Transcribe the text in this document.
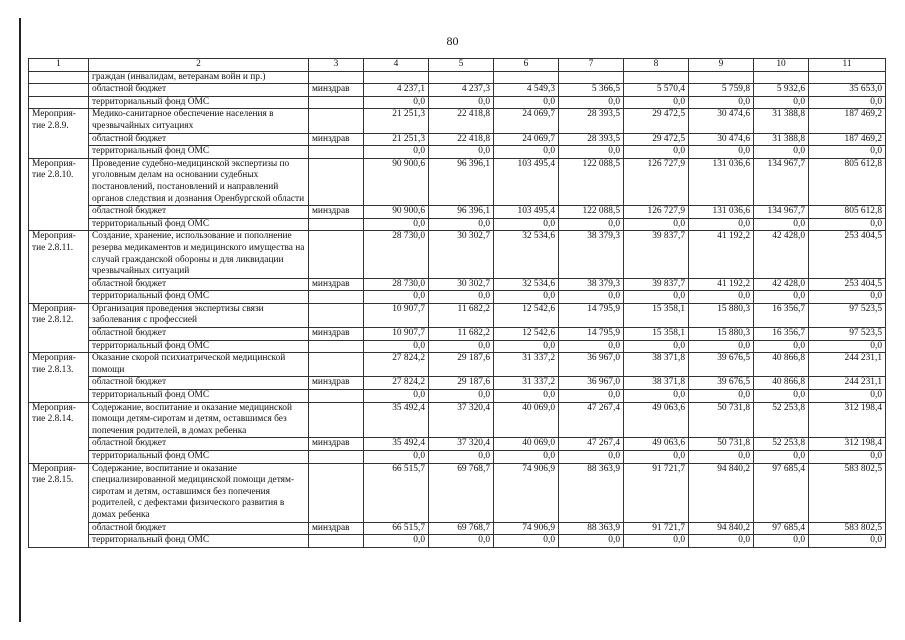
80
1	2	3	4	5	6	7	8	9	10	11
	граждан (инвалидам, ветеранам войн и пр.)									
	областной бюджет	минздрав	4 237,1	4 237,3	4 549,3	5 366,5	5 570,4	5 759,8	5 932,6	35 653,0
	территориальный фонд ОМС		0,0	0,0	0,0	0,0	0,0	0,0	0,0	0,0
Мероприя-тие 2.8.9.	Медико-санитарное обеспечение населения в чрезвычайных ситуациях		21 251,3	22 418,8	24 069,7	28 393,5	29 472,5	30 474,6	31 388,8	187 469,2
	областной бюджет	минздрав	21 251,3	22 418,8	24 069,7	28 393,5	29 472,5	30 474,6	31 388,8	187 469,2
	территориальный фонд ОМС		0,0	0,0	0,0	0,0	0,0	0,0	0,0	0,0
Мероприя-тие 2.8.10.	Проведение судебно-медицинской экспертизы по уголовным делам на основании судебных постановлений, постановлений и направлений органов следствия и дознания Оренбургской области		90 900,6	96 396,1	103 495,4	122 088,5	126 727,9	131 036,6	134 967,7	805 612,8
	областной бюджет	минздрав	90 900,6	96 396,1	103 495,4	122 088,5	126 727,9	131 036,6	134 967,7	805 612,8
	территориальный фонд ОМС		0,0	0,0	0,0	0,0	0,0	0,0	0,0	0,0
Мероприя-тие 2.8.11.	Создание, хранение, использование и пополнение резерва медикаментов и медицинского имущества на случай гражданской обороны и для ликвидации чрезвычайных ситуаций		28 730,0	30 302,7	32 534,6	38 379,3	39 837,7	41 192,2	42 428,0	253 404,5
	областной бюджет	минздрав	28 730,0	30 302,7	32 534,6	38 379,3	39 837,7	41 192,2	42 428,0	253 404,5
	территориальный фонд ОМС		0,0	0,0	0,0	0,0	0,0	0,0	0,0	0,0
Мероприя-тие 2.8.12.	Организация проведения экспертизы связи заболевания с профессией		10 907,7	11 682,2	12 542,6	14 795,9	15 358,1	15 880,3	16 356,7	97 523,5
	областной бюджет	минздрав	10 907,7	11 682,2	12 542,6	14 795,9	15 358,1	15 880,3	16 356,7	97 523,5
	территориальный фонд ОМС		0,0	0,0	0,0	0,0	0,0	0,0	0,0	0,0
Мероприя-тие 2.8.13.	Оказание скорой психиатрической медицинской помощи		27 824,2	29 187,6	31 337,2	36 967,0	38 371,8	39 676,5	40 866,8	244 231,1
	областной бюджет	минздрав	27 824,2	29 187,6	31 337,2	36 967,0	38 371,8	39 676,5	40 866,8	244 231,1
	территориальный фонд ОМС		0,0	0,0	0,0	0,0	0,0	0,0	0,0	0,0
Мероприя-тие 2.8.14.	Содержание, воспитание и оказание медицинской помощи детям-сиротам и детям, оставшимся без попечения родителей, в домах ребенка		35 492,4	37 320,4	40 069,0	47 267,4	49 063,6	50 731,8	52 253,8	312 198,4
	областной бюджет	минздрав	35 492,4	37 320,4	40 069,0	47 267,4	49 063,6	50 731,8	52 253,8	312 198,4
	территориальный фонд ОМС		0,0	0,0	0,0	0,0	0,0	0,0	0,0	0,0
Мероприя-тие 2.8.15.	Содержание, воспитание и оказание специализированной медицинской помощи детям-сиротам и детям, оставшимся без попечения родителей, с дефектами физического развития в домах ребенка		66 515,7	69 768,7	74 906,9	88 363,9	91 721,7	94 840,2	97 685,4	583 802,5
	областной бюджет	минздрав	66 515,7	69 768,7	74 906,9	88 363,9	91 721,7	94 840,2	97 685,4	583 802,5
	территориальный фонд ОМС		0,0	0,0	0,0	0,0	0,0	0,0	0,0	0,0
